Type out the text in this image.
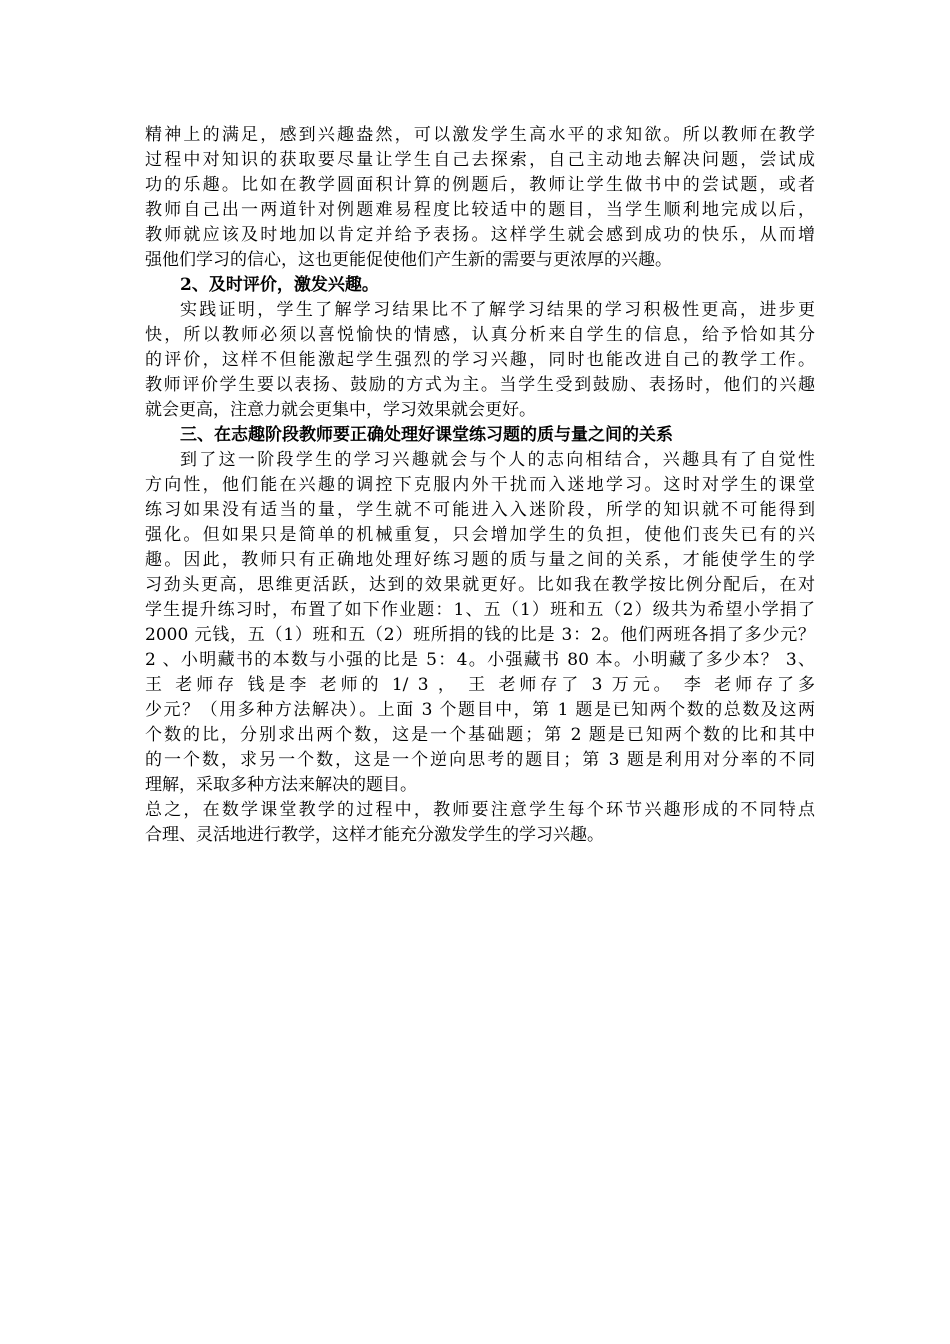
精神上的满足，感到兴趣盎然，可以激发学生高水平的求知欲。所以教师在教学
过程中对知识的获取要尽量让学生自己去探索，自己主动地去解决问题，尝试成
功的乐趣。比如在教学圆面积计算的例题后，教师让学生做书中的尝试题，或者
教师自己出一两道针对例题难易程度比较适中的题目，当学生顺利地完成以后，
教师就应该及时地加以肯定并给予表扬。这样学生就会感到成功的快乐，从而增
强他们学习的信心，这也更能促使他们产生新的需要与更浓厚的兴趣。
2、及时评价，激发兴趣。
实践证明，学生了解学习结果比不了解学习结果的学习积极性更高，进步更
快，所以教师必须以喜悦愉快的情感，认真分析来自学生的信息，给予恰如其分
的评价，这样不但能激起学生强烈的学习兴趣，同时也能改进自己的教学工作。
教师评价学生要以表扬、鼓励的方式为主。当学生受到鼓励、表扬时，他们的兴趣
就会更高，注意力就会更集中，学习效果就会更好。
三、在志趣阶段教师要正确处理好课堂练习题的质与量之间的关系
到了这一阶段学生的学习兴趣就会与个人的志向相结合，兴趣具有了自觉性
方向性，他们能在兴趣的调控下克服内外干扰而入迷地学习。这时对学生的课堂
练习如果没有适当的量，学生就不可能进入入迷阶段，所学的知识就不可能得到
强化。但如果只是简单的机械重复，只会增加学生的负担，使他们丧失已有的兴
趣。因此，教师只有正确地处理好练习题的质与量之间的关系，才能使学生的学
习劲头更高，思维更活跃，达到的效果就更好。比如我在教学按比例分配后，在对
学生提升练习时，布置了如下作业题：1、五（1）班和五（2）级共为希望小学捐了
2000 元钱，五（1）班和五（2）班所捐的钱的比是 3：2。他们两班各捐了多少元？
2 、小明藏书的本数与小强的比是 5：4。小强藏书 80 本。小明藏了多少本？ 3、
王 老师存 钱是李 老师的 1/ 3 ， 王 老师存了 3 万元。 李 老师存了多
少元？（用多种方法解决）。上面 3 个题目中，第 1 题是已知两个数的总数及这两
个数的比，分别求出两个数，这是一个基础题；第 2 题是已知两个数的比和其中
的一个数，求另一个数，这是一个逆向思考的题目；第 3 题是利用对分率的不同
理解，采取多种方法来解决的题目。
总之，在数学课堂教学的过程中，教师要注意学生每个环节兴趣形成的不同特点
合理、灵活地进行教学，这样才能充分激发学生的学习兴趣。
